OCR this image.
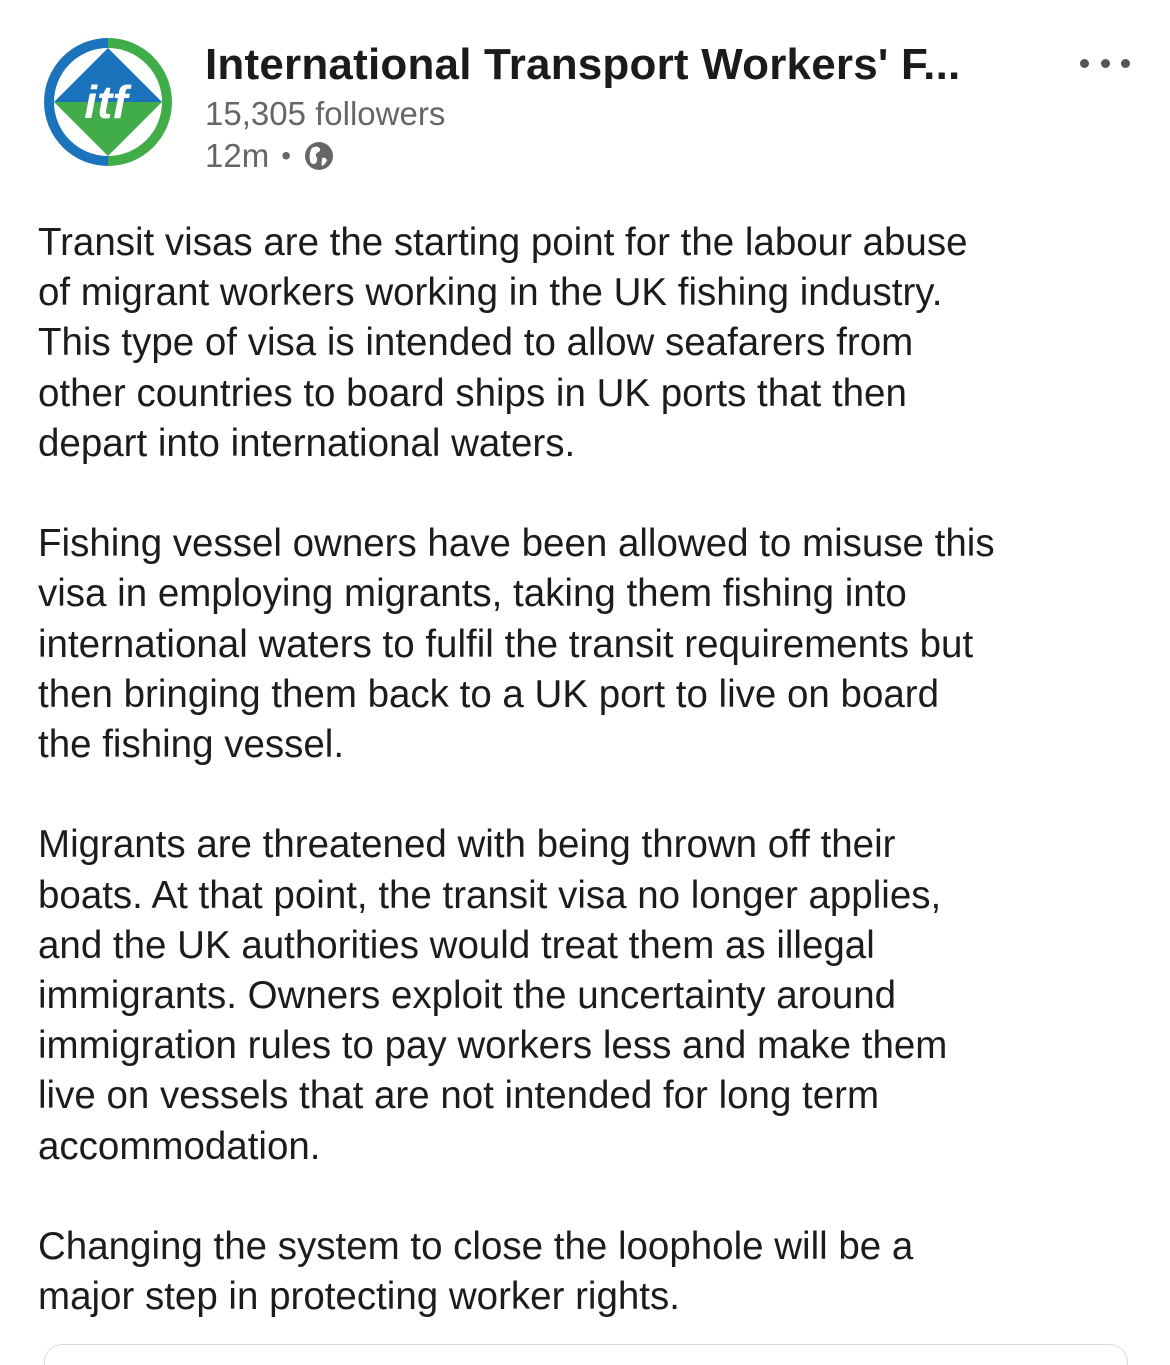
itf
International Transport Workers' F...
15,305 followers
12m •

Transit visas are the starting point for the labour abuse
of migrant workers working in the UK fishing industry.
This type of visa is intended to allow seafarers from
other countries to board ships in UK ports that then
depart into international waters.

Fishing vessel owners have been allowed to misuse this
visa in employing migrants, taking them fishing into
international waters to fulfil the transit requirements but
then bringing them back to a UK port to live on board
the fishing vessel.

Migrants are threatened with being thrown off their
boats. At that point, the transit visa no longer applies,
and the UK authorities would treat them as illegal
immigrants. Owners exploit the uncertainty around
immigration rules to pay workers less and make them
live on vessels that are not intended for long term
accommodation.

Changing the system to close the loophole will be a
major step in protecting worker rights.
